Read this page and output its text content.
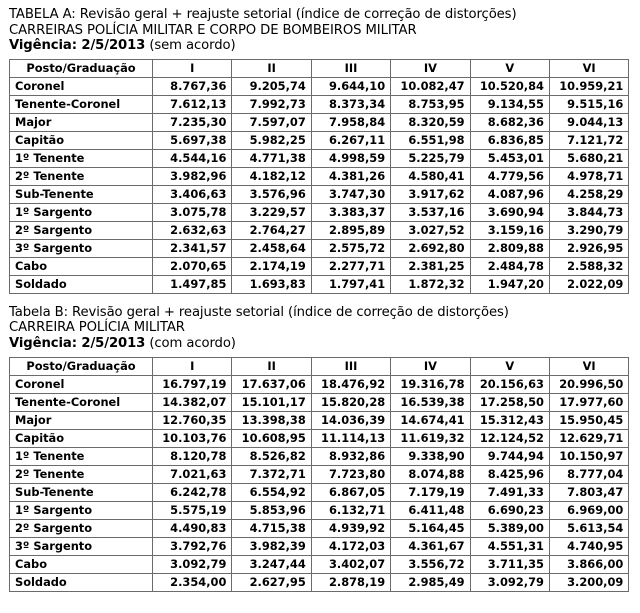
TABELA A: Revisão geral + reajuste setorial (índice de correção de distorções)
CARREIRAS POLÍCIA MILITAR E CORPO DE BOMBEIROS MILITAR
Vigência: 2/5/2013 (sem acordo)
Posto/Graduação	I	II	III	IV	V	VI
Coronel	8.767,36	9.205,74	9.644,10	10.082,47	10.520,84	10.959,21
Tenente-Coronel	7.612,13	7.992,73	8.373,34	8.753,95	9.134,55	9.515,16
Major	7.235,30	7.597,07	7.958,84	8.320,59	8.682,36	9.044,13
Capitão	5.697,38	5.982,25	6.267,11	6.551,98	6.836,85	7.121,72
1º Tenente	4.544,16	4.771,38	4.998,59	5.225,79	5.453,01	5.680,21
2º Tenente	3.982,96	4.182,12	4.381,26	4.580,41	4.779,56	4.978,71
Sub-Tenente	3.406,63	3.576,96	3.747,30	3.917,62	4.087,96	4.258,29
1º Sargento	3.075,78	3.229,57	3.383,37	3.537,16	3.690,94	3.844,73
2º Sargento	2.632,63	2.764,27	2.895,89	3.027,52	3.159,16	3.290,79
3º Sargento	2.341,57	2.458,64	2.575,72	2.692,80	2.809,88	2.926,95
Cabo	2.070,65	2.174,19	2.277,71	2.381,25	2.484,78	2.588,32
Soldado	1.497,85	1.693,83	1.797,41	1.872,32	1.947,20	2.022,09
Tabela B: Revisão geral + reajuste setorial (índice de correção de distorções)
CARREIRA POLÍCIA MILITAR
Vigência: 2/5/2013 (com acordo)
Posto/Graduação	I	II	III	IV	V	VI
Coronel	16.797,19	17.637,06	18.476,92	19.316,78	20.156,63	20.996,50
Tenente-Coronel	14.382,07	15.101,17	15.820,28	16.539,38	17.258,50	17.977,60
Major	12.760,35	13.398,38	14.036,39	14.674,41	15.312,43	15.950,45
Capitão	10.103,76	10.608,95	11.114,13	11.619,32	12.124,52	12.629,71
1º Tenente	8.120,78	8.526,82	8.932,86	9.338,90	9.744,94	10.150,97
2º Tenente	7.021,63	7.372,71	7.723,80	8.074,88	8.425,96	8.777,04
Sub-Tenente	6.242,78	6.554,92	6.867,05	7.179,19	7.491,33	7.803,47
1º Sargento	5.575,19	5.853,96	6.132,71	6.411,48	6.690,23	6.969,00
2º Sargento	4.490,83	4.715,38	4.939,92	5.164,45	5.389,00	5.613,54
3º Sargento	3.792,76	3.982,39	4.172,03	4.361,67	4.551,31	4.740,95
Cabo	3.092,79	3.247,44	3.402,07	3.556,72	3.711,35	3.866,00
Soldado	2.354,00	2.627,95	2.878,19	2.985,49	3.092,79	3.200,09
